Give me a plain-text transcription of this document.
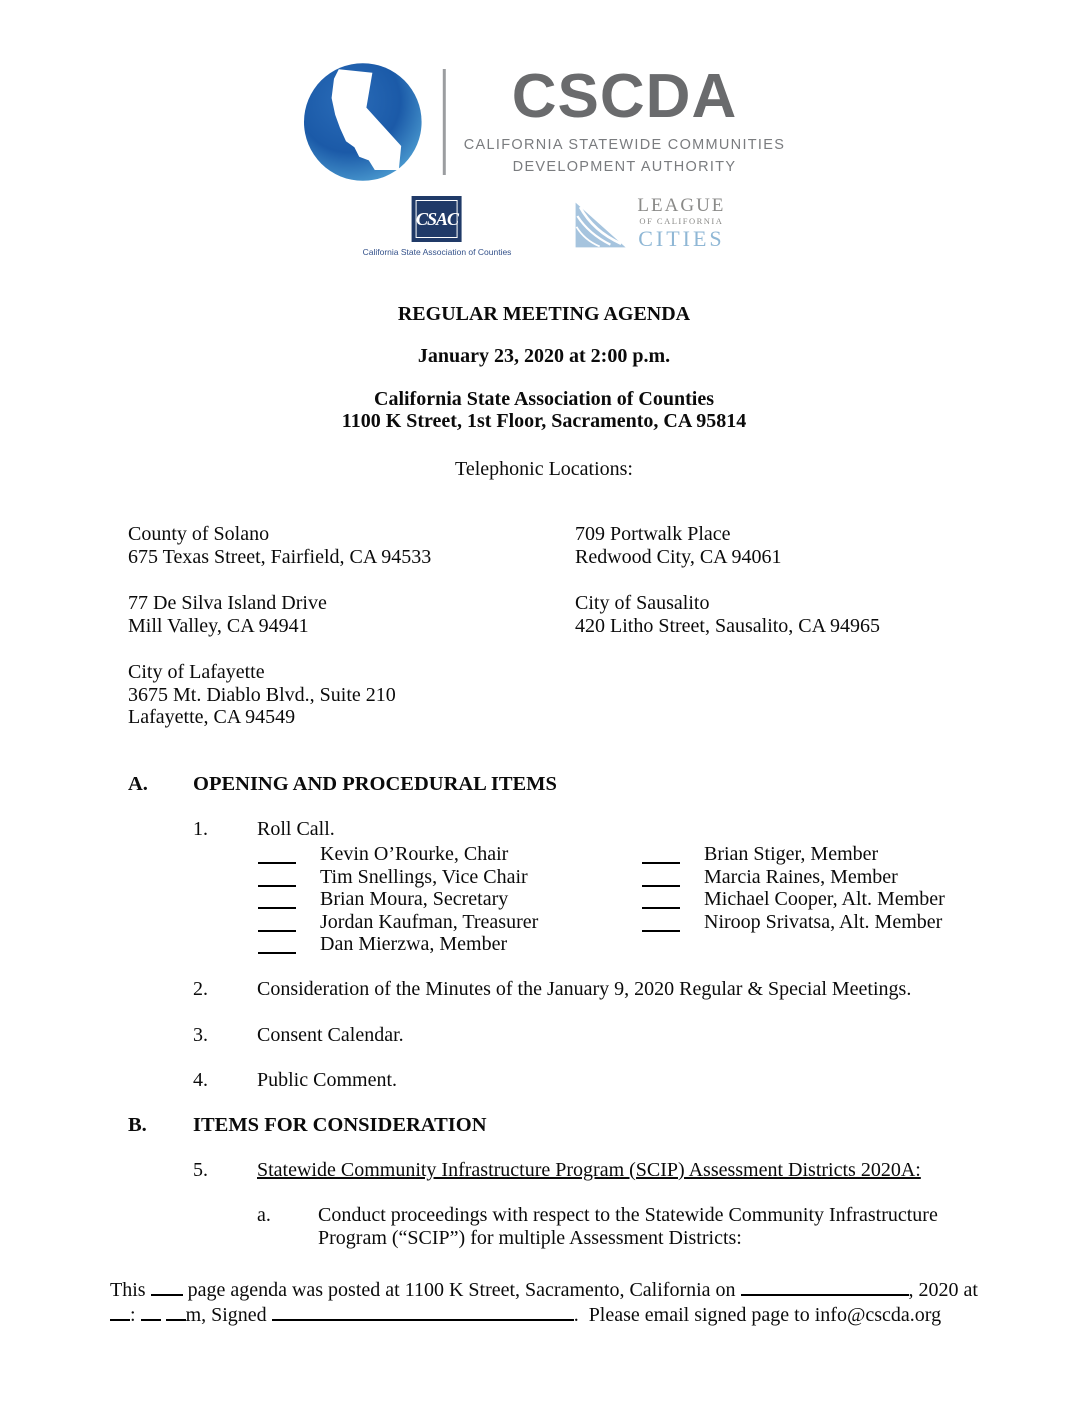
CSCDA
CALIFORNIA STATEWIDE COMMUNITIES
DEVELOPMENT AUTHORITY
CSAC
California State Association of Counties
LEAGUE
OF CALIFORNIA
CITIES
REGULAR MEETING AGENDA
January 23, 2020 at 2:00 p.m.
California State Association of Counties
1100 K Street, 1st Floor, Sacramento, CA 95814
Telephonic Locations:
County of Solano
675 Texas Street, Fairfield, CA 94533
77 De Silva Island Drive
Mill Valley, CA 94941
City of Lafayette
3675 Mt. Diablo Blvd., Suite 210
Lafayette, CA 94549
709 Portwalk Place
Redwood City, CA 94061
City of Sausalito
420 Litho Street, Sausalito, CA 94965
A.	OPENING AND PROCEDURAL ITEMS
1.	Roll Call.
Kevin O’Rourke, Chair
Tim Snellings, Vice Chair
Brian Moura, Secretary
Jordan Kaufman, Treasurer
Dan Mierzwa, Member
Brian Stiger, Member
Marcia Raines, Member
Michael Cooper, Alt. Member
Niroop Srivatsa, Alt. Member
2.	Consideration of the Minutes of the January 9, 2020 Regular & Special Meetings.
3.	Consent Calendar.
4.	Public Comment.
B.	ITEMS FOR CONSIDERATION
5.	Statewide Community Infrastructure Program (SCIP) Assessment Districts 2020A:
a.	Conduct proceedings with respect to the Statewide Community Infrastructure Program (“SCIP”) for multiple Assessment Districts:
This page agenda was posted at 1100 K Street, Sacramento, California on	, 2020 at
:	m, Signed	.  Please email signed page to info@cscda.org
